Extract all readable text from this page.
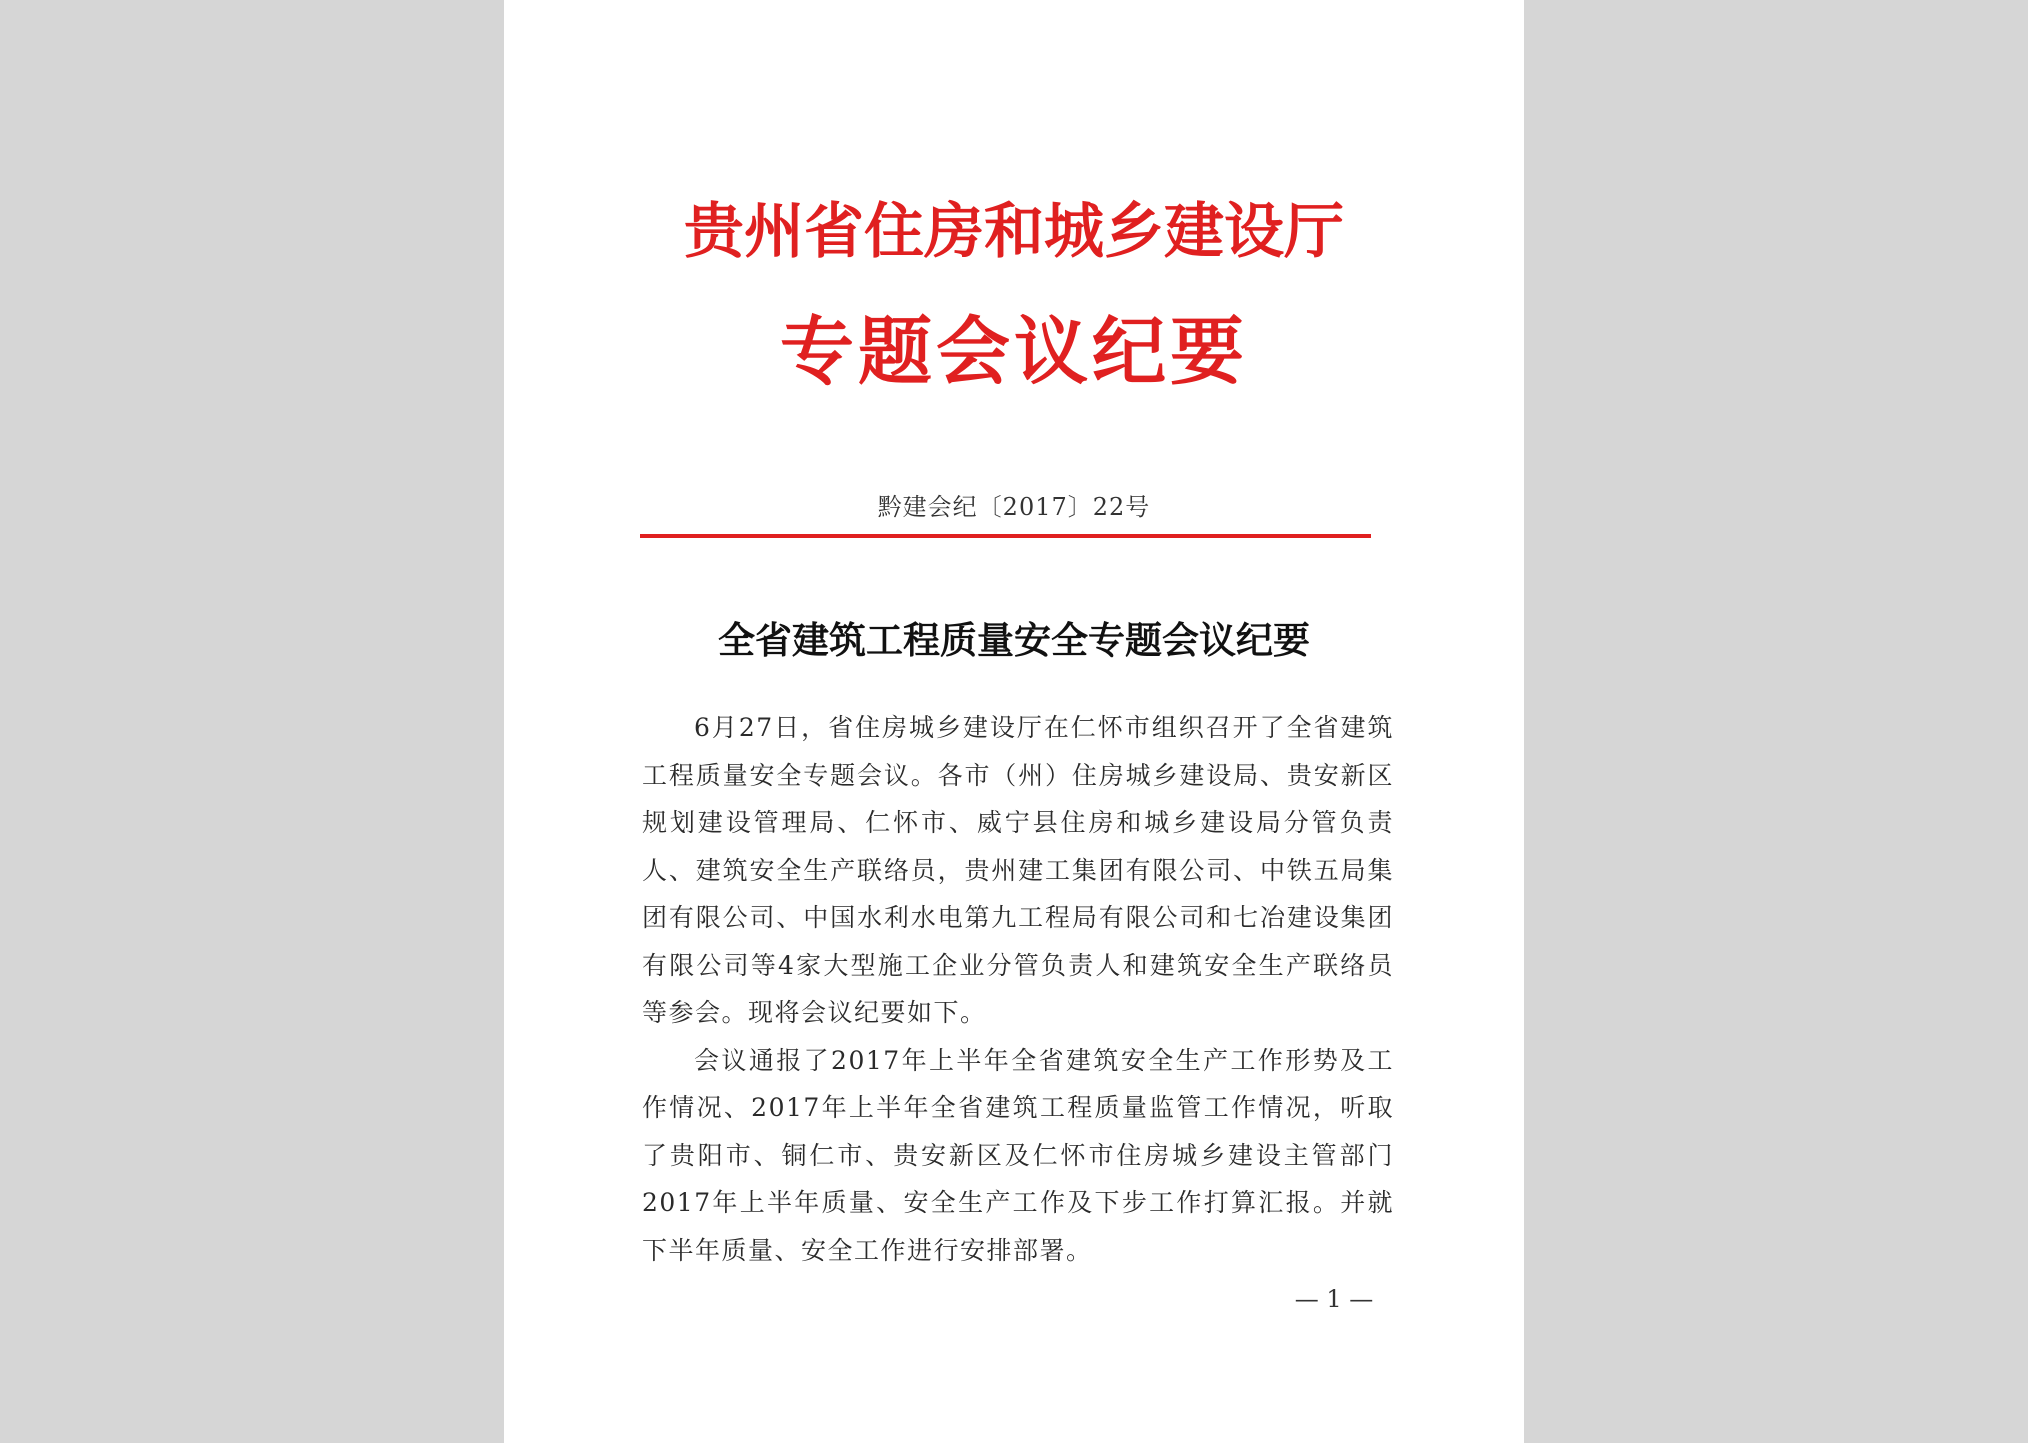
贵州省住房和城乡建设厅
专题会议纪要
黔建会纪〔2017〕22号
全省建筑工程质量安全专题会议纪要

6月27日，省住房城乡建设厅在仁怀市组织召开了全省建筑工程质量安全专题会议。各市（州）住房城乡建设局、贵安新区规划建设管理局、仁怀市、威宁县住房和城乡建设局分管负责人、建筑安全生产联络员，贵州建工集团有限公司、中铁五局集团有限公司、中国水利水电第九工程局有限公司和七冶建设集团有限公司等4家大型施工企业分管负责人和建筑安全生产联络员等参会。现将会议纪要如下。

会议通报了2017年上半年全省建筑安全生产工作形势及工作情况、2017年上半年全省建筑工程质量监管工作情况，听取了贵阳市、铜仁市、贵安新区及仁怀市住房城乡建设主管部门2017年上半年质量、安全生产工作及下步工作打算汇报。并就下半年质量、安全工作进行安排部署。

— 1 —
